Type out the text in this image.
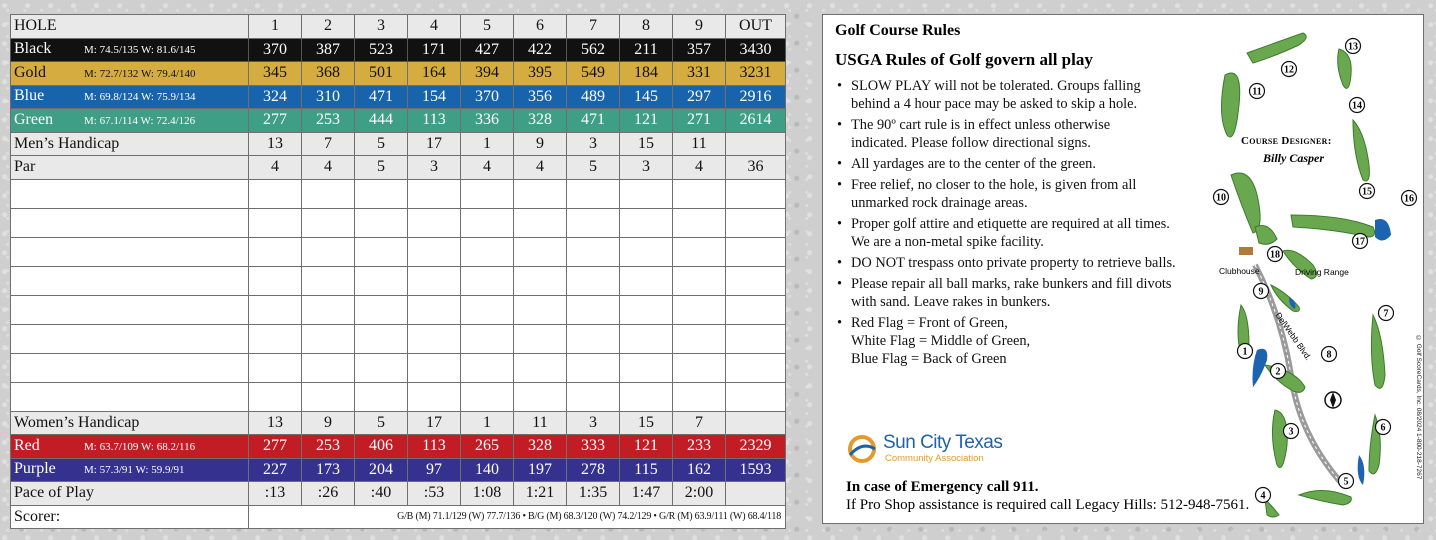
HOLE	1	2	3	4	5	6	7	8	9	OUT
Black M: 74.5/135 W: 81.6/145	370	387	523	171	427	422	562	211	357	3430
Gold M: 72.7/132 W: 79.4/140	345	368	501	164	394	395	549	184	331	3231
Blue M: 69.8/124 W: 75.9/134	324	310	471	154	370	356	489	145	297	2916
Green M: 67.1/114 W: 72.4/126	277	253	444	113	336	328	471	121	271	2614
Men’s Handicap	13	7	5	17	1	9	3	15	11	
Par	4	4	5	3	4	4	5	3	4	36

Women’s Handicap	13	9	5	17	1	11	3	15	7	
Red M: 63.7/109 W: 68.2/116	277	253	406	113	265	328	333	121	233	2329
Purple M: 57.3/91 W: 59.9/91	227	173	204	97	140	197	278	115	162	1593
Pace of Play	:13	:26	:40	:53	1:08	1:21	1:35	1:47	2:00	
Scorer:	G/B (M) 71.1/129 (W) 77.7/136 • B/G (M) 68.3/120 (W) 74.2/129 • G/R (M) 63.9/111 (W) 68.4/118									
Golf Course Rules
USGA Rules of Golf govern all play
• SLOW PLAY will not be tolerated. Groups falling
behind a 4 hour pace may be asked to skip a hole.
• The 90º cart rule is in effect unless otherwise
indicated. Please follow directional signs.
• All yardages are to the center of the green.
• Free relief, no closer to the hole, is given from all
unmarked rock drainage areas.
• Proper golf attire and etiquette are required at all times.
We are a non-metal spike facility.
• DO NOT trespass onto private property to retrieve balls.
• Please repair all ball marks, rake bunkers and fill divots
with sand. Leave rakes in bunkers.
• Red Flag = Front of Green,
White Flag = Middle of Green,
Blue Flag = Back of Green
Sun City Texas
Community Association
In case of Emergency call 911.
If Pro Shop assistance is required call Legacy Hills: 512-948-7561.
Clubhouse	Driving Range
DelWebb Blvd.
1
2
3
4
5
6
7
8
9
10
11
12
13
14
15
16
17
18
Course Designer:
Billy Casper
© Golf ScoreCards, Inc. 08/2024 1-800-218-7267
